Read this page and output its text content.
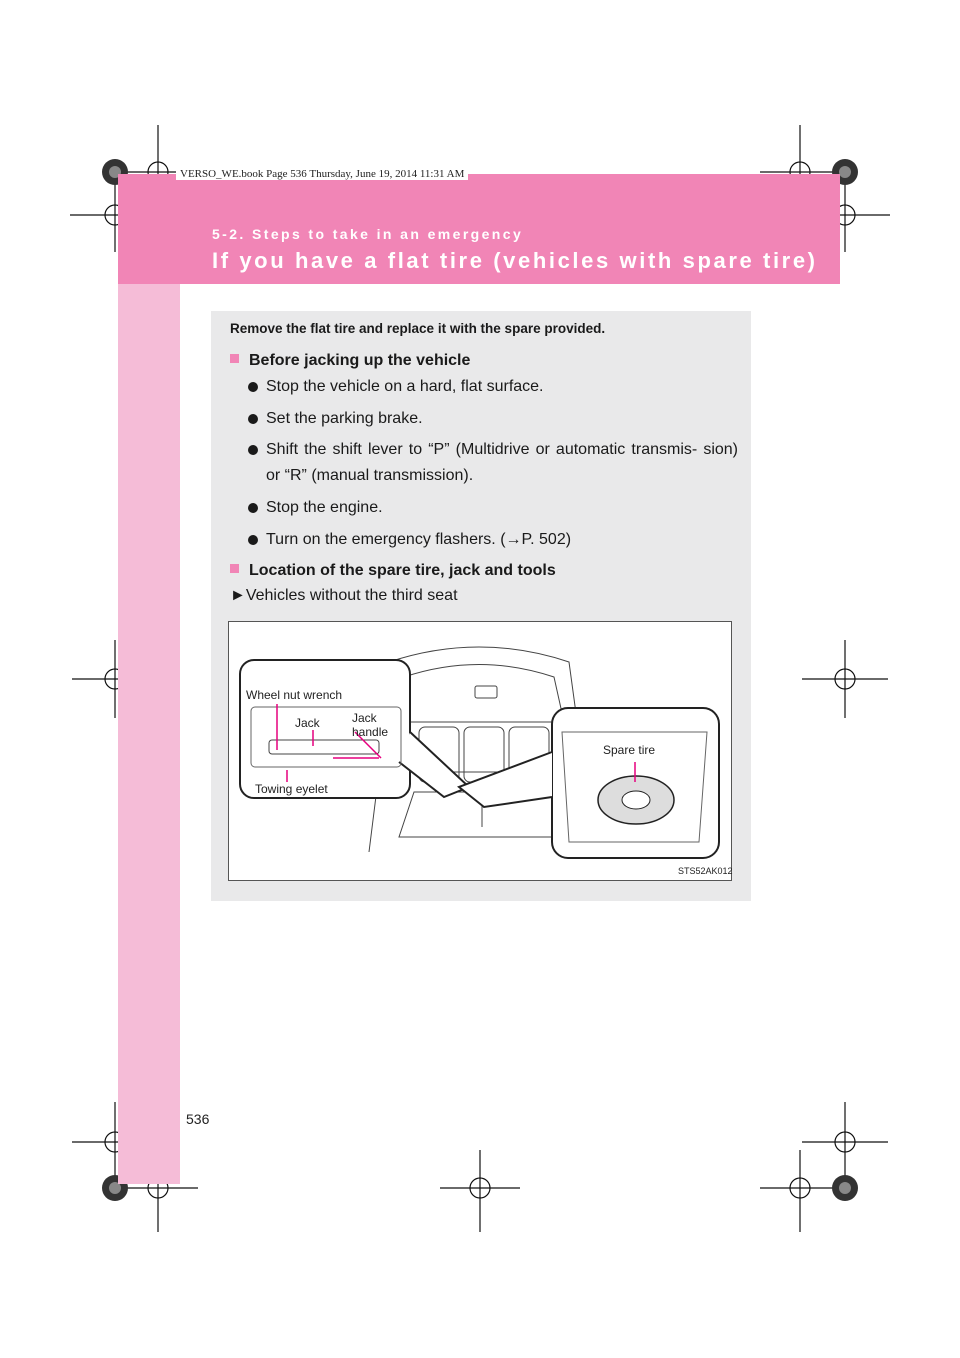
VERSO_WE.book Page 536 Thursday, June 19, 2014 11:31 AM
5-2. Steps to take in an emergency
If you have a flat tire (vehicles with spare tire)
Remove the flat tire and replace it with the spare provided.
Before jacking up the vehicle
Stop the vehicle on a hard, flat surface.
Set the parking brake.
Shift the shift lever to “P” (Multidrive or automatic transmis- sion) or “R” (manual transmission).
Stop the engine.
Turn on the emergency flashers. (→P. 502)
Location of the spare tire, jack and tools
►Vehicles without the third seat
Wheel nut wrench
Jack	Jack
handle
Towing eyelet
Spare tire
STS52AK012
536
